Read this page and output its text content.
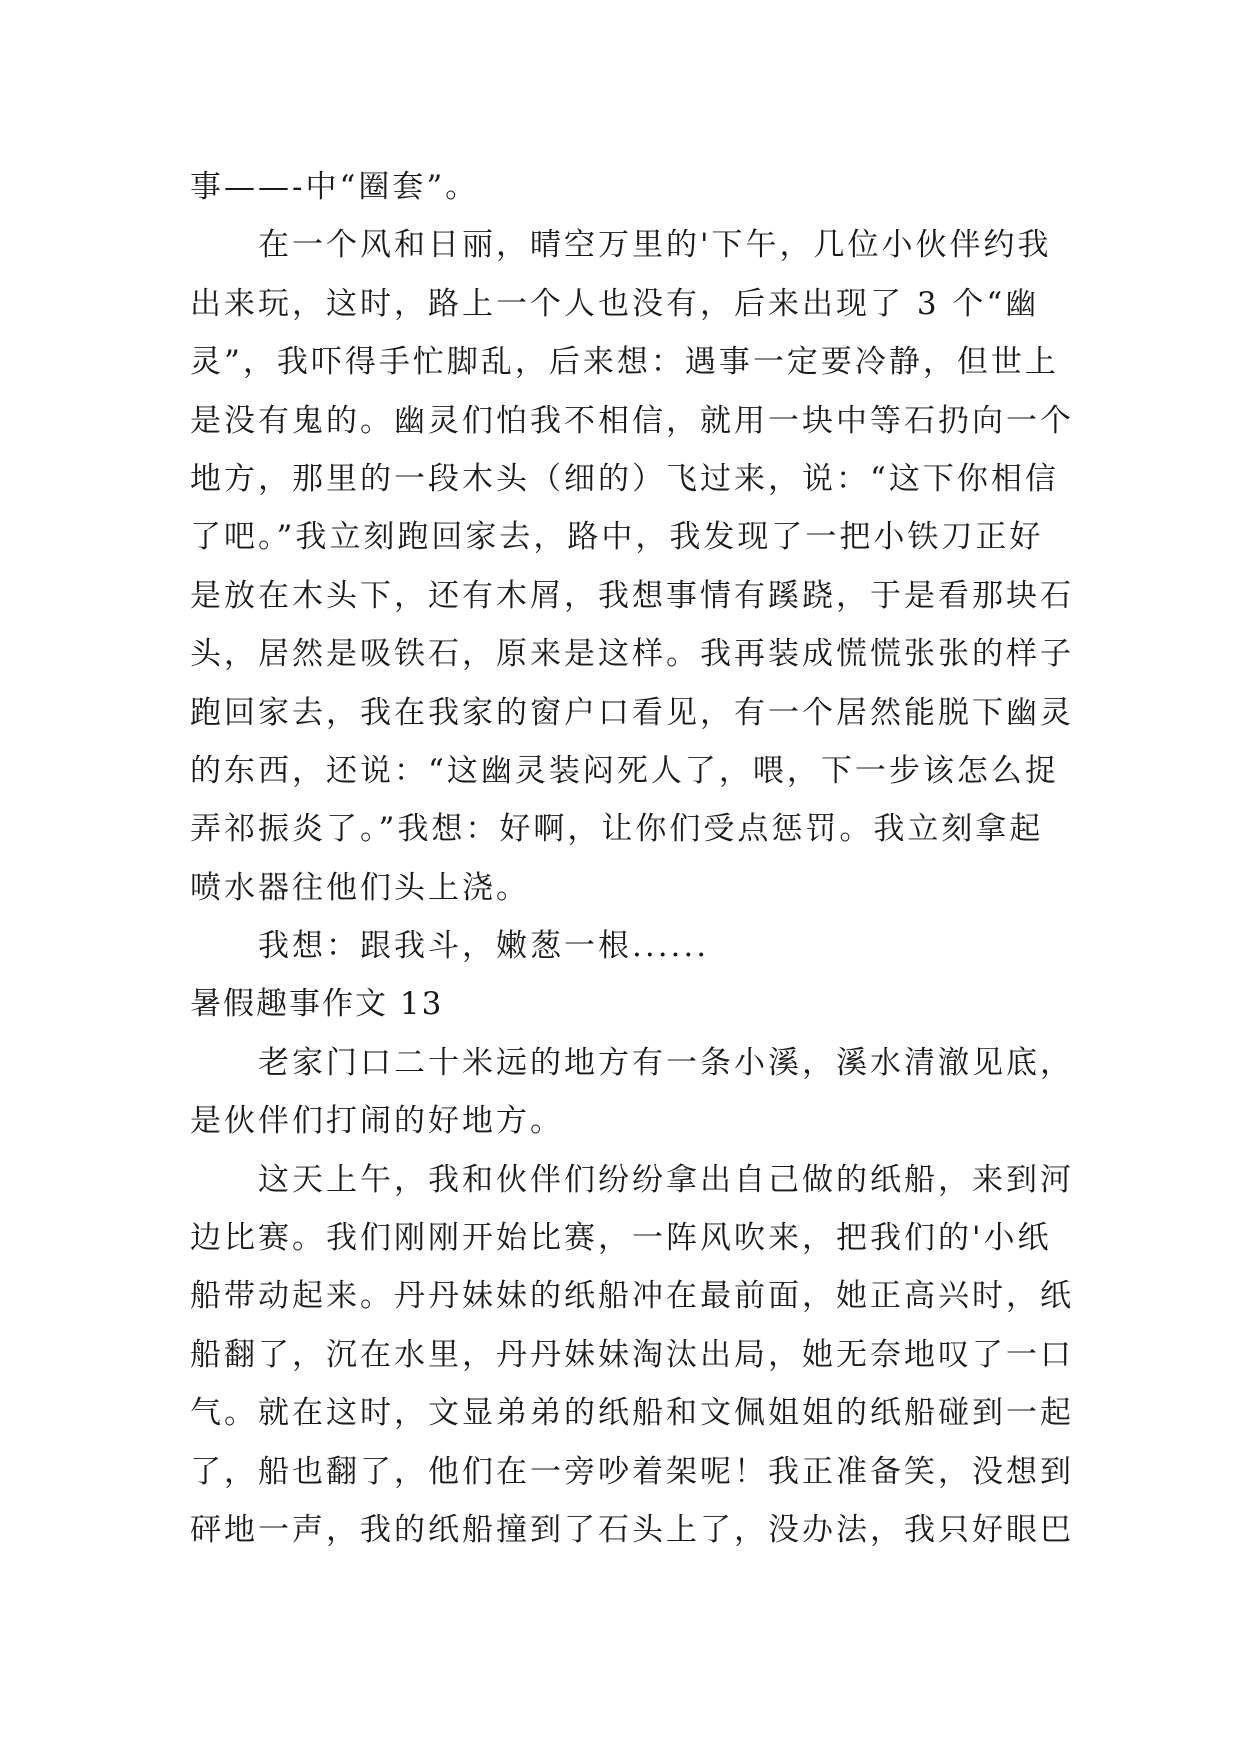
事——-中“圈套”。
在一个风和日丽，晴空万里的'下午，几位小伙伴约我
出来玩，这时，路上一个人也没有，后来出现了 3 个“幽
灵”，我吓得手忙脚乱，后来想：遇事一定要冷静，但世上
是没有鬼的。幽灵们怕我不相信，就用一块中等石扔向一个
地方，那里的一段木头（细的）飞过来，说：“这下你相信
了吧。”我立刻跑回家去，路中，我发现了一把小铁刀正好
是放在木头下，还有木屑，我想事情有蹊跷，于是看那块石
头，居然是吸铁石，原来是这样。我再装成慌慌张张的样子
跑回家去，我在我家的窗户口看见，有一个居然能脱下幽灵
的东西，还说：“这幽灵装闷死人了，喂，下一步该怎么捉
弄祁振炎了。”我想：好啊，让你们受点惩罚。我立刻拿起
喷水器往他们头上浇。
我想：跟我斗，嫩葱一根......
暑假趣事作文 13
老家门口二十米远的地方有一条小溪，溪水清澈见底，
是伙伴们打闹的好地方。
这天上午，我和伙伴们纷纷拿出自己做的纸船，来到河
边比赛。我们刚刚开始比赛，一阵风吹来，把我们的'小纸
船带动起来。丹丹妹妹的纸船冲在最前面，她正高兴时，纸
船翻了，沉在水里，丹丹妹妹淘汰出局，她无奈地叹了一口
气。就在这时，文显弟弟的纸船和文佩姐姐的纸船碰到一起
了，船也翻了，他们在一旁吵着架呢！我正准备笑，没想到
砰地一声，我的纸船撞到了石头上了，没办法，我只好眼巴
